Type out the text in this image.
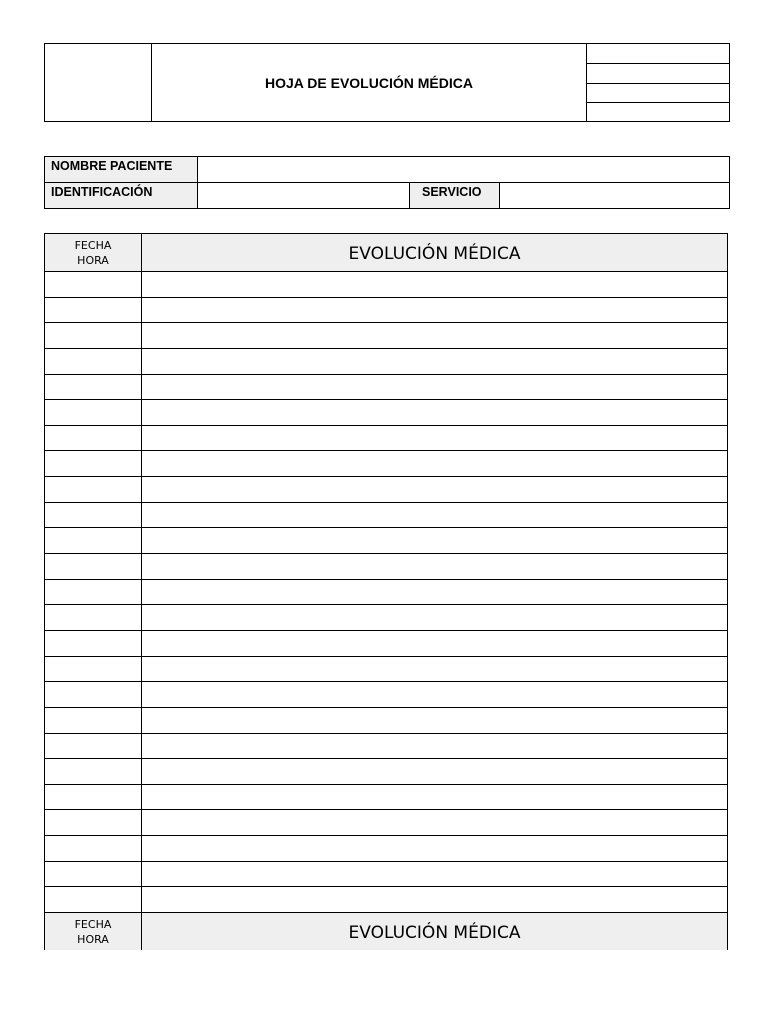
HOJA DE EVOLUCIÓN MÉDICA
NOMBRE PACIENTE
IDENTIFICACIÓN	SERVICIO
FECHA
HORA	EVOLUCIÓN MÉDICA
FECHA
HORA	EVOLUCIÓN MÉDICA
